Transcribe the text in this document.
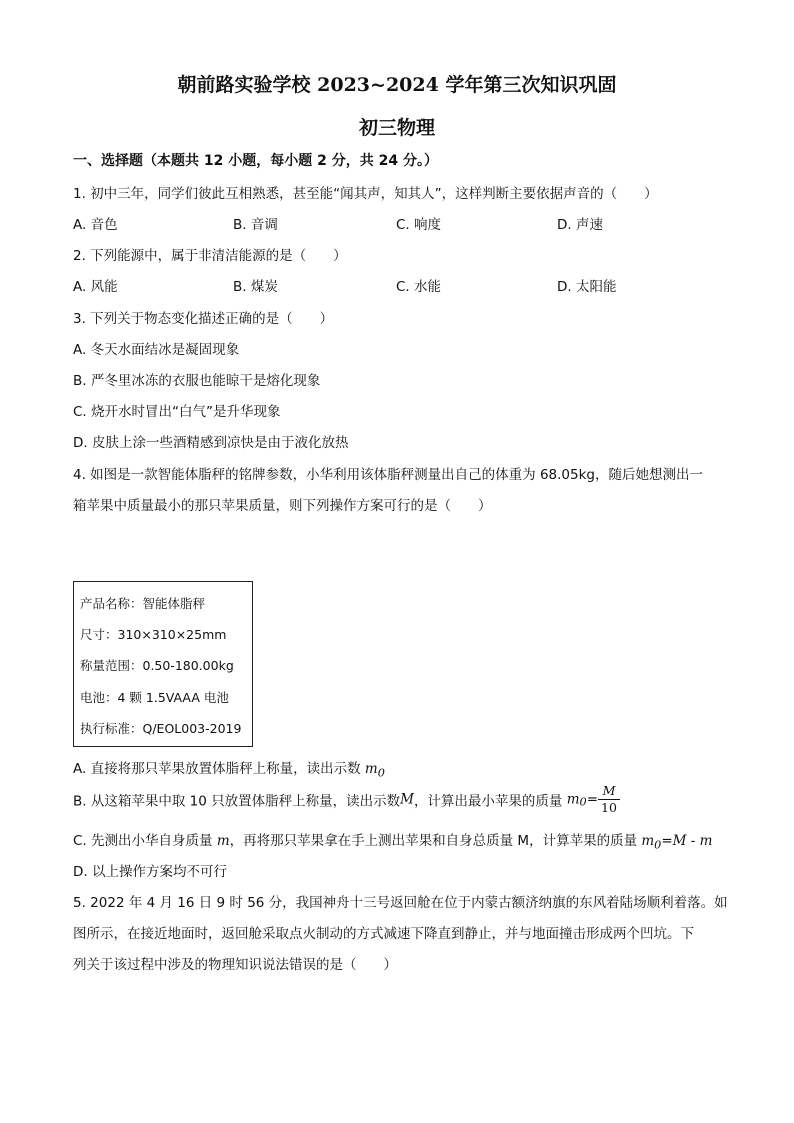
朝前路实验学校 2023~2024 学年第三次知识巩固
初三物理
一、选择题（本题共 12 小题，每小题 2 分，共 24 分。）
1. 初中三年，同学们彼此互相熟悉，甚至能“闻其声，知其人”，这样判断主要依据声音的（　　）
A. 音色	B. 音调	C. 响度	D. 声速
2. 下列能源中，属于非清洁能源的是（　　）
A. 风能	B. 煤炭	C. 水能	D. 太阳能
3. 下列关于物态变化描述正确的是（　　）
A. 冬天水面结冰是凝固现象
B. 严冬里冰冻的衣服也能晾干是熔化现象
C. 烧开水时冒出“白气”是升华现象
D. 皮肤上涂一些酒精感到凉快是由于液化放热
4. 如图是一款智能体脂秤的铭牌参数，小华利用该体脂秤测量出自己的体重为 68.05kg，随后她想测出一
箱苹果中质量最小的那只苹果质量，则下列操作方案可行的是（　　）
产品名称：智能体脂秤
尺寸：310×310×25mm
称量范围：0.50-180.00kg
电池：4 颗 1.5VAAA 电池
执行标准：Q/EOL003-2019
A. 直接将那只苹果放置体脂秤上称量，读出示数 $m_0$
B. 从这箱苹果中取 10 只放置体脂秤上称量，读出示数M，计算出最小苹果的质量 $m_0= \frac{M}{10}$
C. 先测出小华自身质量 m，再将那只苹果拿在手上测出苹果和自身总质量 M，计算苹果的质量 $m_0=M - m$
D. 以上操作方案均不可行
5. 2022 年 4 月 16 日 9 时 56 分，我国神舟十三号返回舱在位于内蒙古额济纳旗的东风着陆场顺利着落。如
图所示，在接近地面时，返回舱采取点火制动的方式减速下降直到静止，并与地面撞击形成两个凹坑。下
列关于该过程中涉及的物理知识说法错误的是（　　）
